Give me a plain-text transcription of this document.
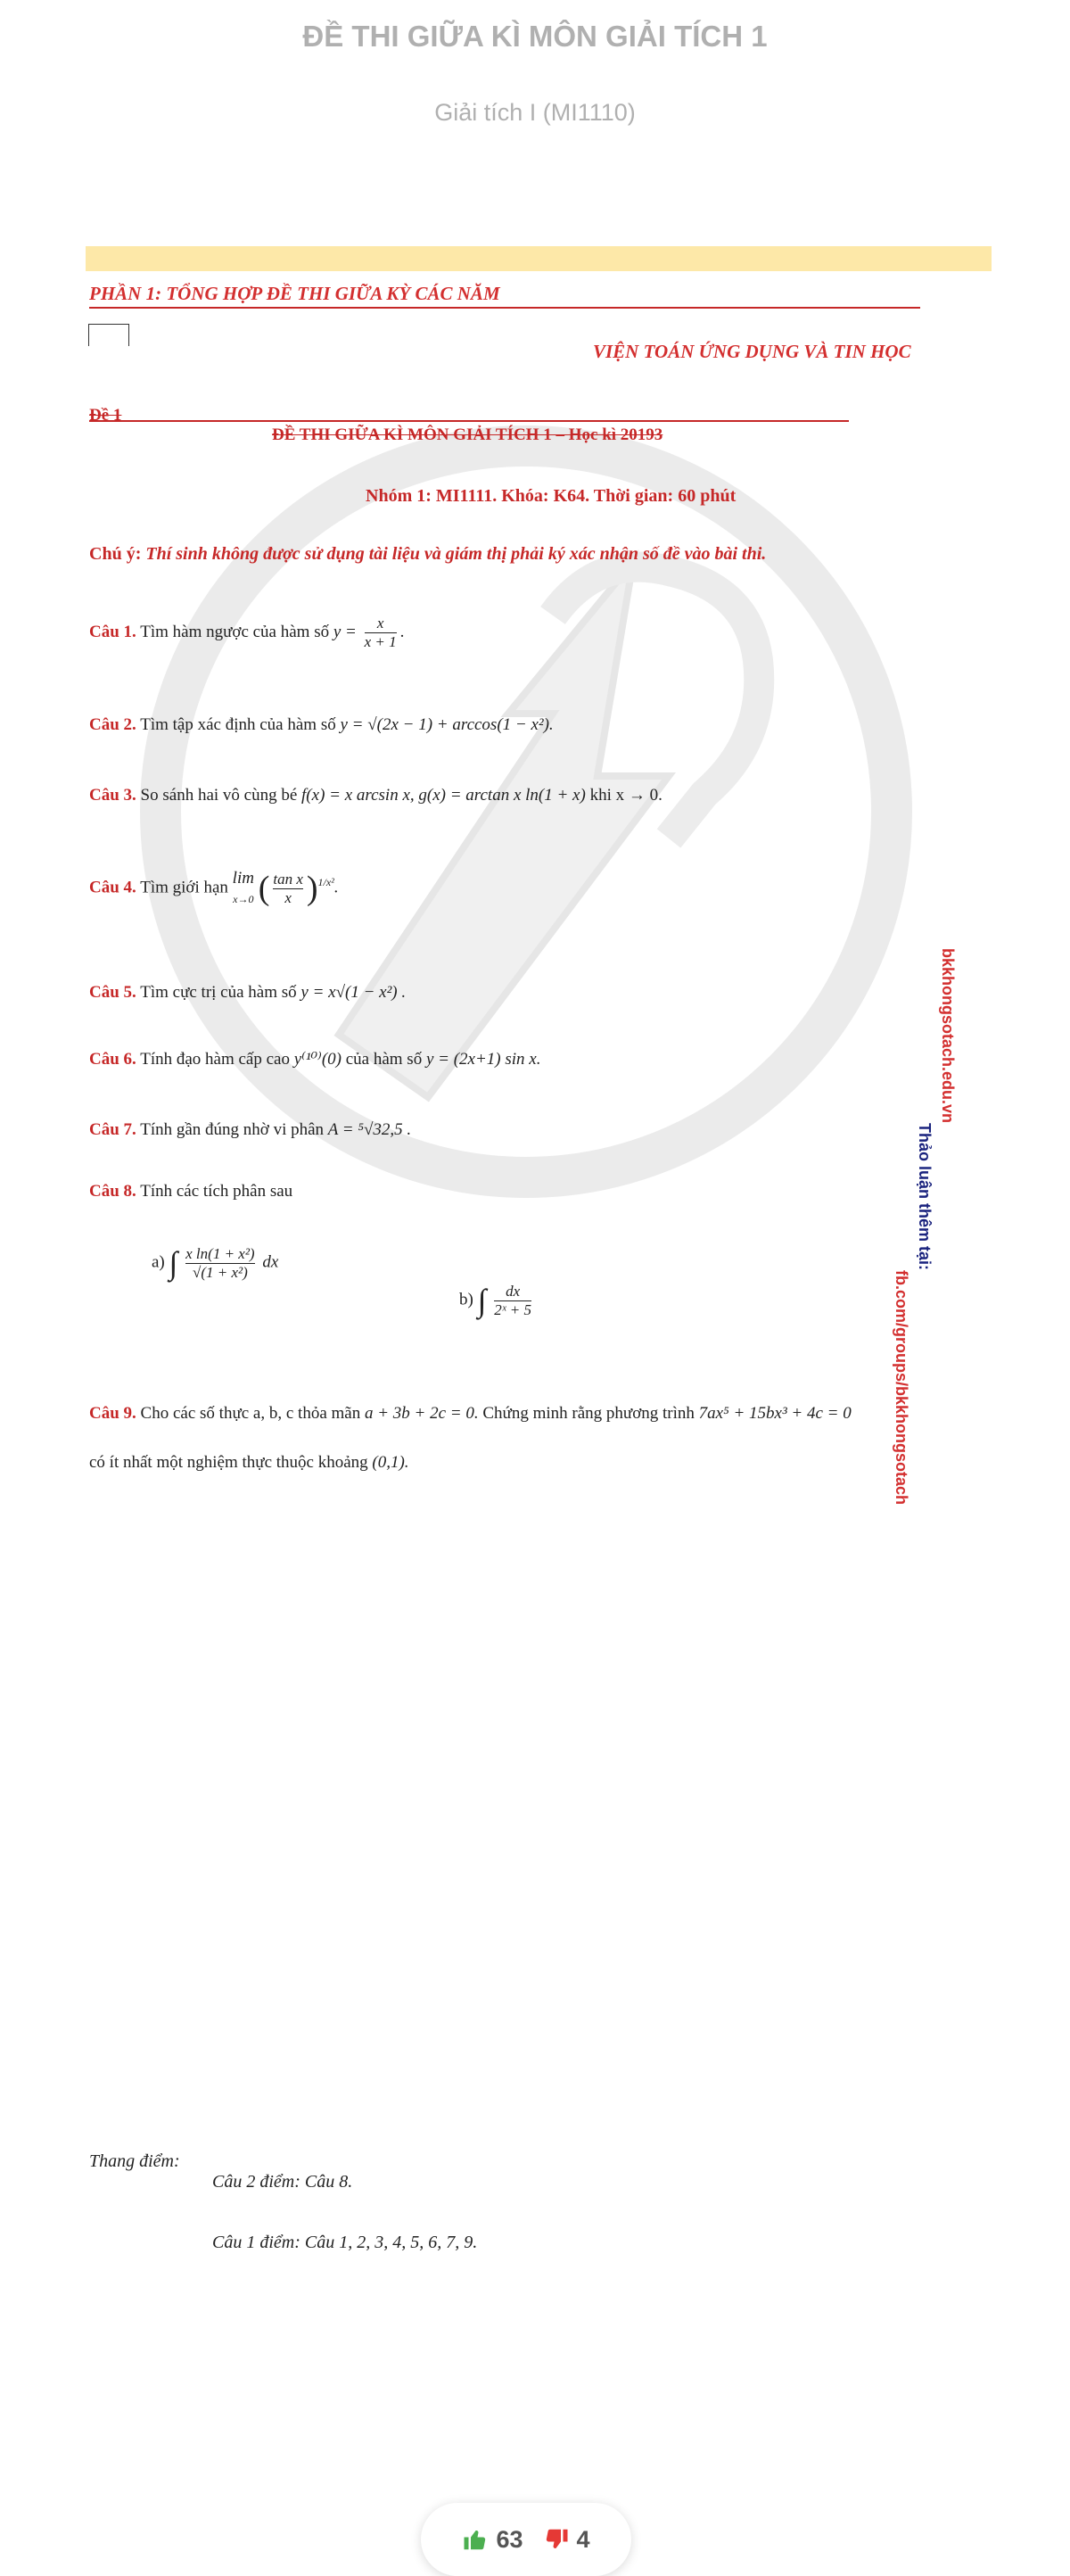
ĐỀ THI GIỮA KÌ MÔN GIẢI TÍCH 1
Giải tích I (MI1110)
PHẦN 1: TỔNG HỢP ĐỀ THI GIỮA KỲ CÁC NĂM
VIỆN TOÁN ỨNG DỤNG VÀ TIN HỌC
Đề 1
ĐỀ THI GIỮA KÌ MÔN GIẢI TÍCH 1 – Học kì 20193
Nhóm 1: MI1111. Khóa: K64. Thời gian: 60 phút
Chú ý: Thí sinh không được sử dụng tài liệu và giám thị phải ký xác nhận số đề vào bài thi.
Câu 1. Tìm hàm ngược của hàm số $y = \frac{x}{x + 1}$ .
Câu 2. Tìm tập xác định của hàm số y = √(2x − 1) + arccos(1 − x²).
Câu 3. So sánh hai vô cùng bé f(x) = x arcsin x, g(x) = arctan x ln(1 + x) khi x → 0.
Câu 4. Tìm giới hạn lim
x→0 ( $\frac{\text{tan x}}{x} )^{1/x^2}$.
Câu 5. Tìm cực trị của hàm số y = x√(1 − x²) .
Câu 6. Tính đạo hàm cấp cao y⁽¹⁰⁾(0) của hàm số y = (2x+1) sin x.
Câu 7. Tính gần đúng nhờ vi phân A = ⁵√32,5 .
Câu 8. Tính các tích phân sau
a) ∫ $\frac{\text{x ln(1 + x²)}}{\text{√(1 + x²)}}$ dx
b) ∫ $\frac{dx}{\text{2ˣ + 5}}$
Câu 9. Cho các số thực a, b, c thỏa mãn a + 3b + 2c = 0. Chứng minh rằng phương trình 7ax⁵ + 15bx³ + 4c = 0
có ít nhất một nghiệm thực thuộc khoảng (0,1).
bkkhongsotach.edu.vn
Thảo luận thêm tại:
fb.com/groups/bkkhongsotach
Thang điểm:
Câu 2 điểm: Câu 8.
Câu 1 điểm: Câu 1, 2, 3, 4, 5, 6, 7, 9.
63 4
